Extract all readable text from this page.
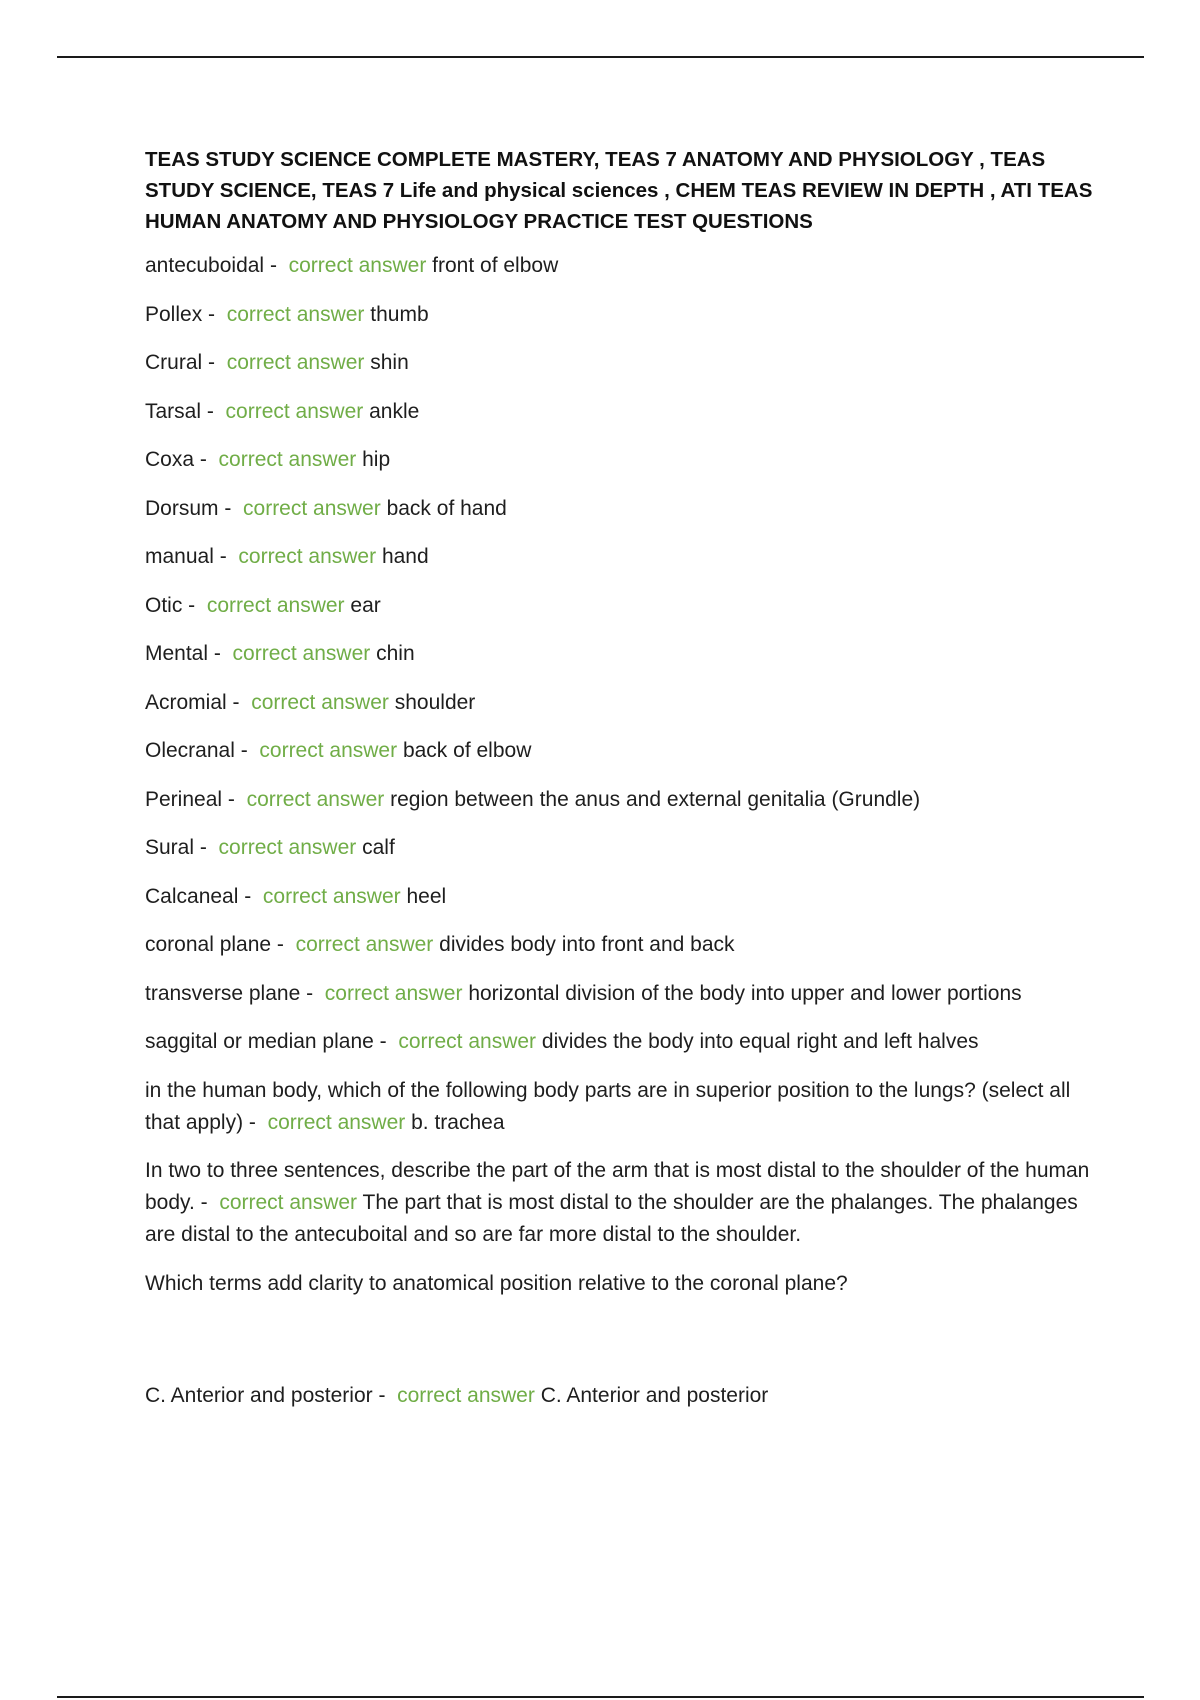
TEAS STUDY SCIENCE COMPLETE MASTERY, TEAS 7 ANATOMY AND PHYSIOLOGY , TEAS STUDY SCIENCE, TEAS 7 Life and physical sciences , CHEM TEAS REVIEW IN DEPTH , ATI TEAS HUMAN ANATOMY AND PHYSIOLOGY PRACTICE TEST QUESTIONS
antecuboidal -  correct answer front of elbow
Pollex -  correct answer thumb
Crural -  correct answer shin
Tarsal -  correct answer ankle
Coxa -  correct answer hip
Dorsum -  correct answer back of hand
manual -  correct answer hand
Otic -  correct answer ear
Mental -  correct answer chin
Acromial -  correct answer shoulder
Olecranal -  correct answer back of elbow
Perineal -  correct answer region between the anus and external genitalia (Grundle)
Sural -  correct answer calf
Calcaneal -  correct answer heel
coronal plane -  correct answer divides body into front and back
transverse plane -  correct answer horizontal division of the body into upper and lower portions
saggital or median plane -  correct answer divides the body into equal right and left halves
in the human body, which of the following body parts are in superior position to the lungs? (select all that apply) -  correct answer b. trachea
In two to three sentences, describe the part of the arm that is most distal to the shoulder of the human body. -  correct answer The part that is most distal to the shoulder are the phalanges. The phalanges are distal to the antecuboital and so are far more distal to the shoulder.
Which terms add clarity to anatomical position relative to the coronal plane?
C. Anterior and posterior -  correct answer C. Anterior and posterior
